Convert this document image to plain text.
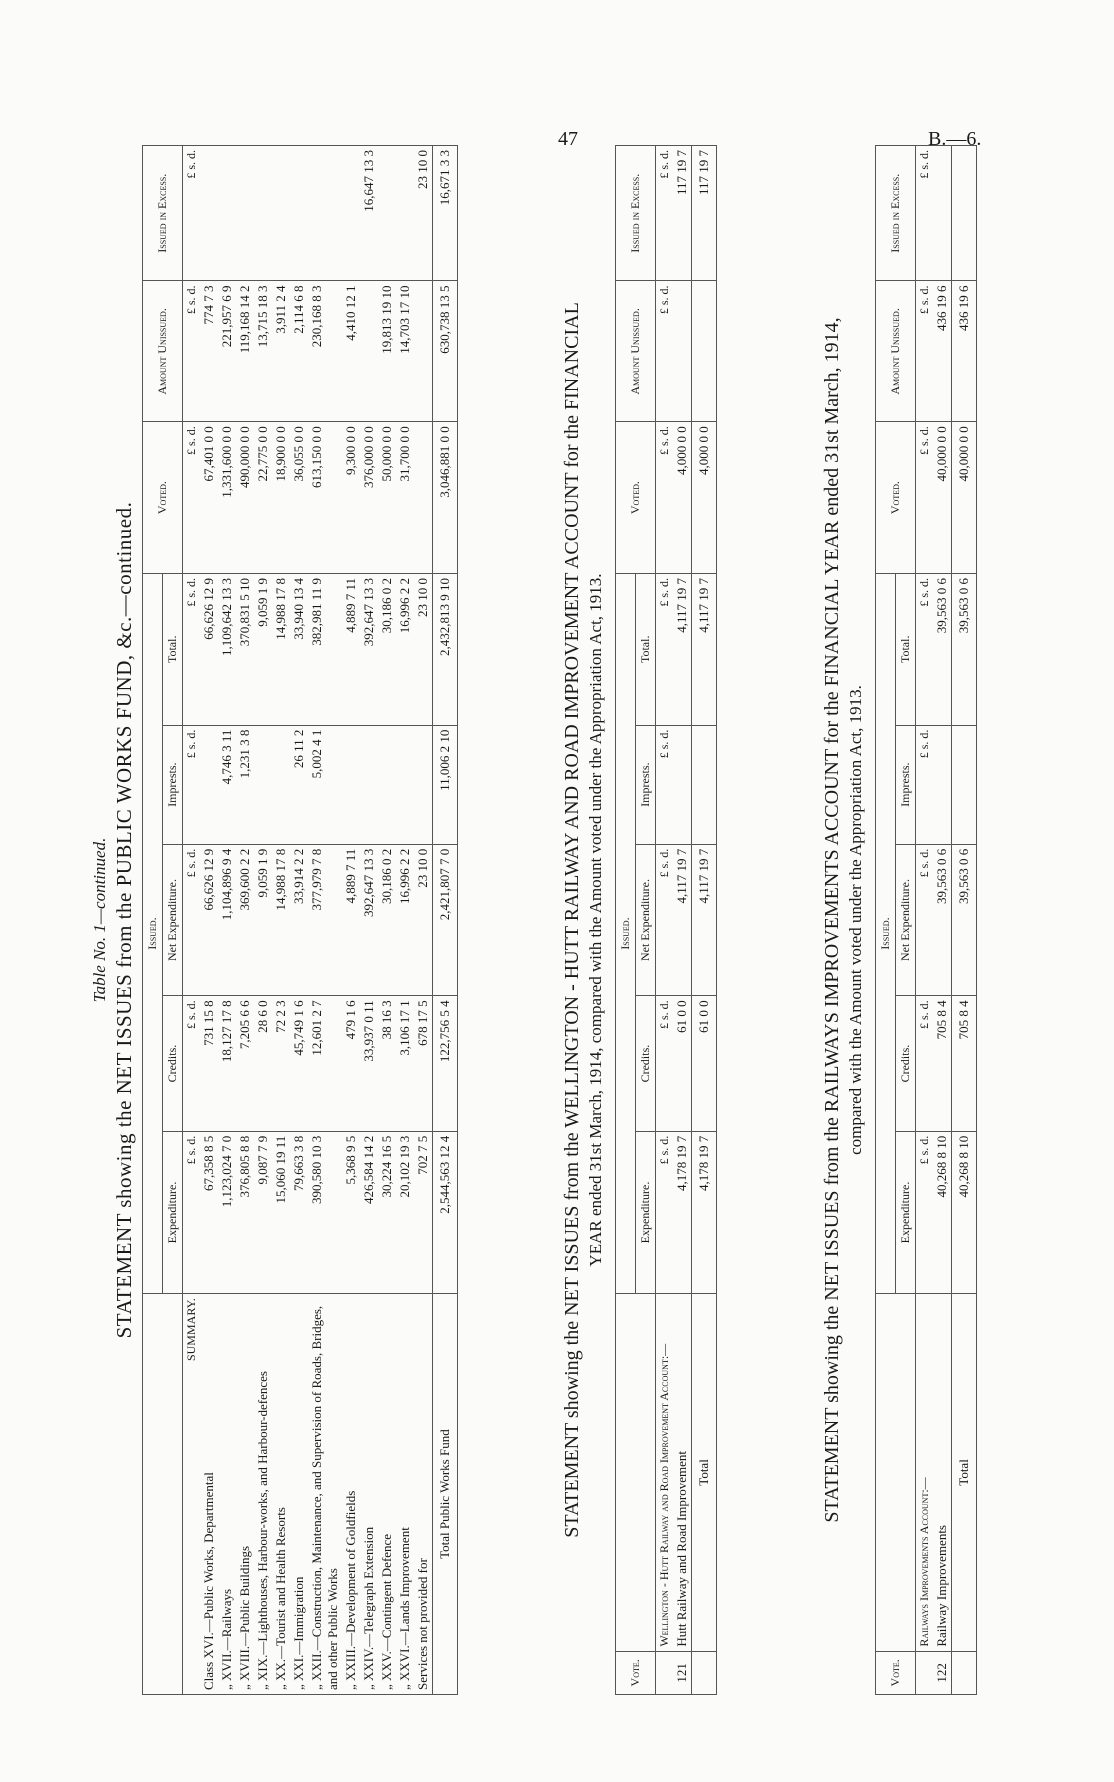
47	B.—6.
Table No. 1—continued. STATEMENT showing the NET ISSUES from the PUBLIC WORKS FUND, &c.—continued.
	Issued.					Voted.	Amount Unissued.	Issued in Excess.
	Expenditure.	Credits.	Net Expenditure.	Imprests.	Total.			
SUMMARY.	£ s. d.	£ s. d.	£ s. d.	£ s. d.	£ s. d.	£ s. d.	£ s. d.	£ s. d.
Class XVI.—Public Works, Departmental	67,358 8 5	731 15 8	66,626 12 9		66,626 12 9	67,401 0 0	774 7 3	
„ XVII.—Railways	1,123,024 7 0	18,127 17 8	1,104,896 9 4	4,746 3 11	1,109,642 13 3	1,331,600 0 0	221,957 6 9	
„ XVIII.—Public Buildings	376,805 8 8	7,205 6 6	369,600 2 2	1,231 3 8	370,831 5 10	490,000 0 0	119,168 14 2	
„ XIX.—Lighthouses, Harbour-works, and Harbour-defences	9,087 7 9	28 6 0	9,059 1 9		9,059 1 9	22,775 0 0	13,715 18 3	
„ XX.—Tourist and Health Resorts	15,060 19 11	72 2 3	14,988 17 8		14,988 17 8	18,900 0 0	3,911 2 4	
„ XXI.—Immigration	79,663 3 8	45,749 1 6	33,914 2 2	26 11 2	33,940 13 4	36,055 0 0	2,114 6 8	
„ XXII.—Construction, Maintenance, and Supervision of Roads, Bridges, and other Public Works	390,580 10 3	12,601 2 7	377,979 7 8	5,002 4 1	382,981 11 9	613,150 0 0	230,168 8 3	
„ XXIII.—Development of Goldfields	5,368 9 5	479 1 6	4,889 7 11		4,889 7 11	9,300 0 0	4,410 12 1	
„ XXIV.—Telegraph Extension	426,584 14 2	33,937 0 11	392,647 13 3		392,647 13 3	376,000 0 0		16,647 13 3
„ XXV.—Contingent Defence	30,224 16 5	38 16 3	30,186 0 2		30,186 0 2	50,000 0 0	19,813 19 10	
„ XXVI.—Lands Improvement	20,102 19 3	3,106 17 1	16,996 2 2		16,996 2 2	31,700 0 0	14,703 17 10	
Services not provided for	702 7 5	678 17 5	23 10 0		23 10 0			23 10 0
Total Public Works Fund	2,544,563 12 4	122,756 5 4	2,421,807 7 0	11,006 2 10	2,432,813 9 10	3,046,881 0 0	630,738 13 5	16,671 3 3
STATEMENT showing the NET ISSUES from the WELLINGTON - HUTT RAILWAY AND ROAD IMPROVEMENT ACCOUNT for the FINANCIAL YEAR ended 31st March, 1914, compared with the Amount voted under the Appropriation Act, 1913.
Vote.		Issued.					Voted.	Amount Unissued.	Issued in Excess.
		Expenditure.	Credits.	Net Expenditure.	Imprests.	Total.			
	Wellington - Hutt Railway and Road Improvement Account:—	£ s. d.	£ s. d.	£ s. d.	£ s. d.	£ s. d.	£ s. d.	£ s. d.	£ s. d.
121	Hutt Railway and Road Improvement	4,178 19 7	61 0 0	4,117 19 7		4,117 19 7	4,000 0 0		117 19 7
	Total	4,178 19 7	61 0 0	4,117 19 7		4,117 19 7	4,000 0 0		117 19 7
STATEMENT showing the NET ISSUES from the RAILWAYS IMPROVEMENTS ACCOUNT for the FINANCIAL YEAR ended 31st March, 1914, compared with the Amount voted under the Appropriation Act, 1913.
Vote.		Issued.					Voted.	Amount Unissued.	Issued in Excess.
		Expenditure.	Credits.	Net Expenditure.	Imprests.	Total.			
	Railways Improvements Account:—	£ s. d.	£ s. d.	£ s. d.	£ s. d.	£ s. d.	£ s. d.	£ s. d.	£ s. d.
122	Railway Improvements	40,268 8 10	705 8 4	39,563 0 6		39,563 0 6	40,000 0 0	436 19 6	
	Total	40,268 8 10	705 8 4	39,563 0 6		39,563 0 6	40,000 0 0	436 19 6	
